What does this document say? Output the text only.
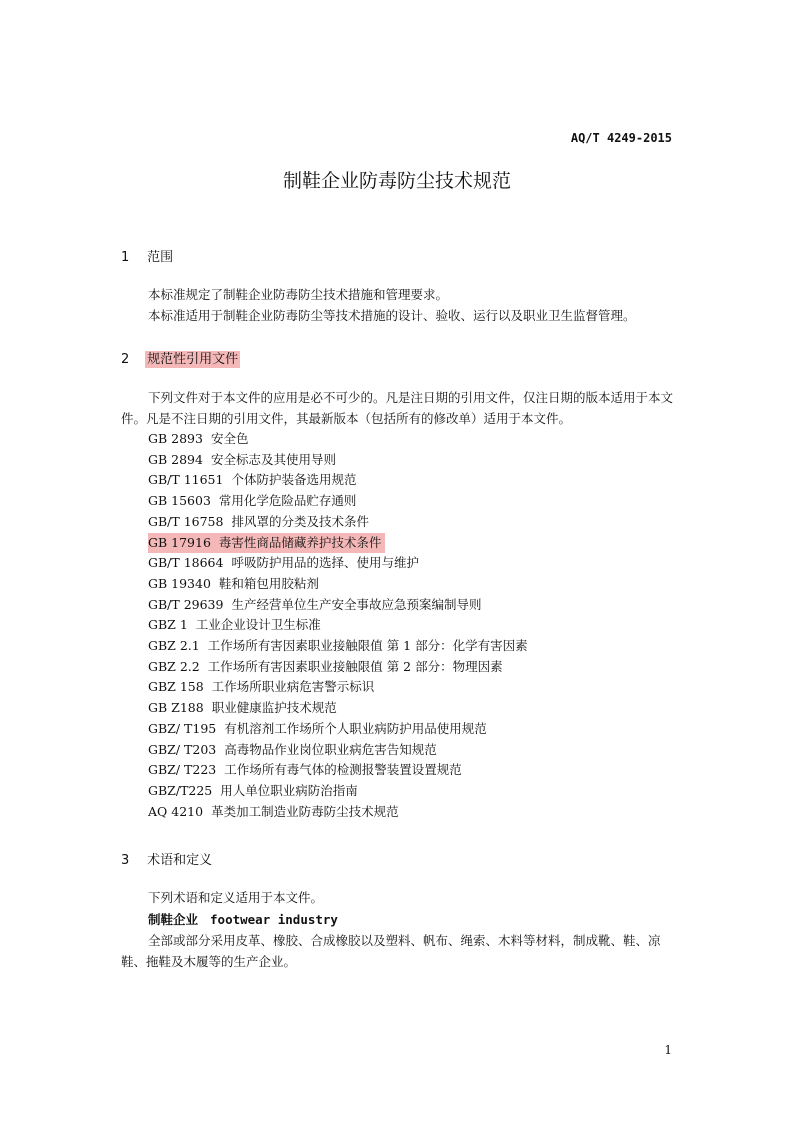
AQ/T 4249-2015
制鞋企业防毒防尘技术规范
1 范围
本标准规定了制鞋企业防毒防尘技术措施和管理要求。
本标准适用于制鞋企业防毒防尘等技术措施的设计、验收、运行以及职业卫生监督管理。
2 规范性引用文件
下列文件对于本文件的应用是必不可少的。凡是注日期的引用文件，仅注日期的版本适用于本文件。凡是不注日期的引用文件，其最新版本（包括所有的修改单）适用于本文件。
GB 2893 安全色
GB 2894 安全标志及其使用导则
GB/T 11651 个体防护装备选用规范
GB 15603 常用化学危险品贮存通则
GB/T 16758 排风罩的分类及技术条件
GB 17916 毒害性商品储藏养护技术条件
GB/T 18664 呼吸防护用品的选择、使用与维护
GB 19340 鞋和箱包用胶粘剂
GB/T 29639 生产经营单位生产安全事故应急预案编制导则
GBZ 1 工业企业设计卫生标准
GBZ 2.1 工作场所有害因素职业接触限值 第 1 部分：化学有害因素
GBZ 2.2 工作场所有害因素职业接触限值 第 2 部分：物理因素
GBZ 158 工作场所职业病危害警示标识
GB Z188 职业健康监护技术规范
GBZ/ T195 有机溶剂工作场所个人职业病防护用品使用规范
GBZ/ T203 高毒物品作业岗位职业病危害告知规范
GBZ/ T223 工作场所有毒气体的检测报警装置设置规范
GBZ/T225 用人单位职业病防治指南
AQ 4210 革类加工制造业防毒防尘技术规范
3 术语和定义
下列术语和定义适用于本文件。
制鞋企业 footwear industry
全部或部分采用皮革、橡胶、合成橡胶以及塑料、帆布、绳索、木料等材料，制成靴、鞋、凉鞋、拖鞋及木履等的生产企业。
1
